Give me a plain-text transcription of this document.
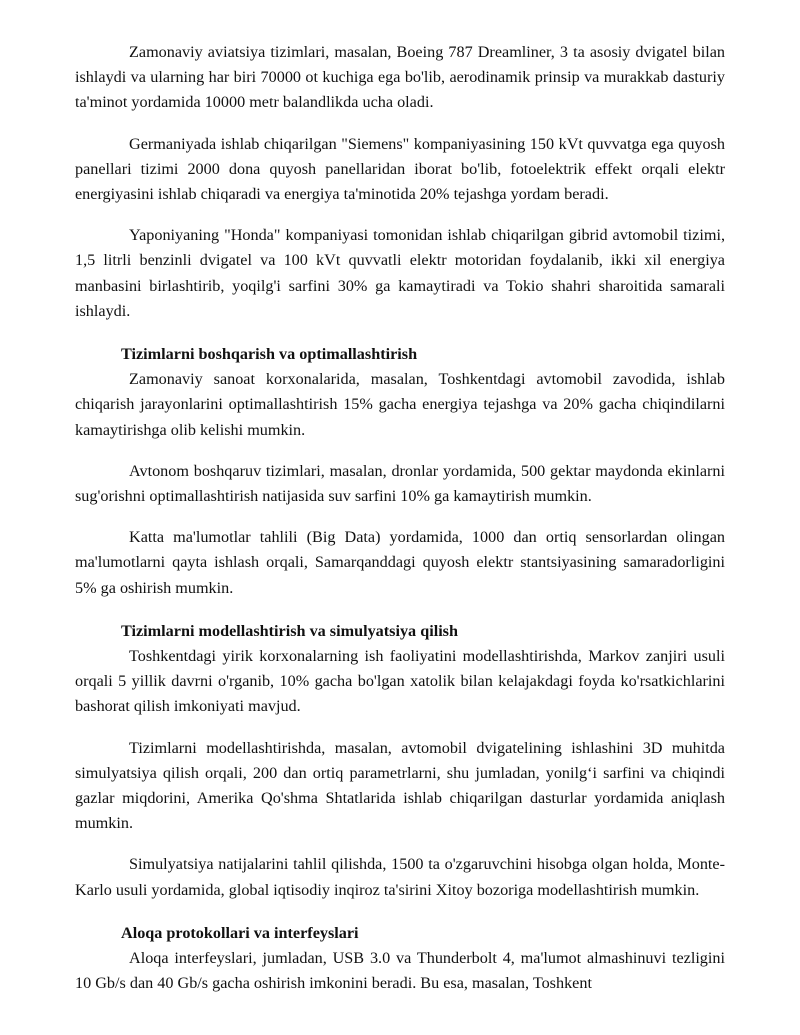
Zamonaviy aviatsiya tizimlari, masalan, Boeing 787 Dreamliner, 3 ta asosiy dvigatel bilan ishlaydi va ularning har biri 70000 ot kuchiga ega bo'lib, aerodinamik prinsip va murakkab dasturiy ta'minot yordamida 10000 metr balandlikda ucha oladi.

Germaniyada ishlab chiqarilgan "Siemens" kompaniyasining 150 kVt quvvatga ega quyosh panellari tizimi 2000 dona quyosh panellaridan iborat bo'lib, fotoelektrik effekt orqali elektr energiyasini ishlab chiqaradi va energiya ta'minotida 20% tejashga yordam beradi.

Yaponiyaning "Honda" kompaniyasi tomonidan ishlab chiqarilgan gibrid avtomobil tizimi, 1,5 litrli benzinli dvigatel va 100 kVt quvvatli elektr motoridan foydalanib, ikki xil energiya manbasini birlashtirib, yoqilg'i sarfini 30% ga kamaytiradi va Tokio shahri sharoitida samarali ishlaydi.

Tizimlarni boshqarish va optimallashtirish

Zamonaviy sanoat korxonalarida, masalan, Toshkentdagi avtomobil zavodida, ishlab chiqarish jarayonlarini optimallashtirish 15% gacha energiya tejashga va 20% gacha chiqindilarni kamaytirishga olib kelishi mumkin.

Avtonom boshqaruv tizimlari, masalan, dronlar yordamida, 500 gektar maydonda ekinlarni sug'orishni optimallashtirish natijasida suv sarfini 10% ga kamaytirish mumkin.

Katta ma'lumotlar tahlili (Big Data) yordamida, 1000 dan ortiq sensorlardan olingan ma'lumotlarni qayta ishlash orqali, Samarqanddagi quyosh elektr stantsiyasining samaradorligini 5% ga oshirish mumkin.

Tizimlarni modellashtirish va simulyatsiya qilish

Toshkentdagi yirik korxonalarning ish faoliyatini modellashtirishda, Markov zanjiri usuli orqali 5 yillik davrni o'rganib, 10% gacha bo'lgan xatolik bilan kelajakdagi foyda ko'rsatkichlarini bashorat qilish imkoniyati mavjud.

Tizimlarni modellashtirishda, masalan, avtomobil dvigatelining ishlashini 3D muhitda simulyatsiya qilish orqali, 200 dan ortiq parametrlarni, shu jumladan, yonilg‘i sarfini va chiqindi gazlar miqdorini, Amerika Qo'shma Shtatlarida ishlab chiqarilgan dasturlar yordamida aniqlash mumkin.

Simulyatsiya natijalarini tahlil qilishda, 1500 ta o'zgaruvchini hisobga olgan holda, Monte-Karlo usuli yordamida, global iqtisodiy inqiroz ta'sirini Xitoy bozoriga modellashtirish mumkin.

Aloqa protokollari va interfeyslari

Aloqa interfeyslari, jumladan, USB 3.0 va Thunderbolt 4, ma'lumot almashinuvi tezligini 10 Gb/s dan 40 Gb/s gacha oshirish imkonini beradi. Bu esa, masalan, Toshkent
